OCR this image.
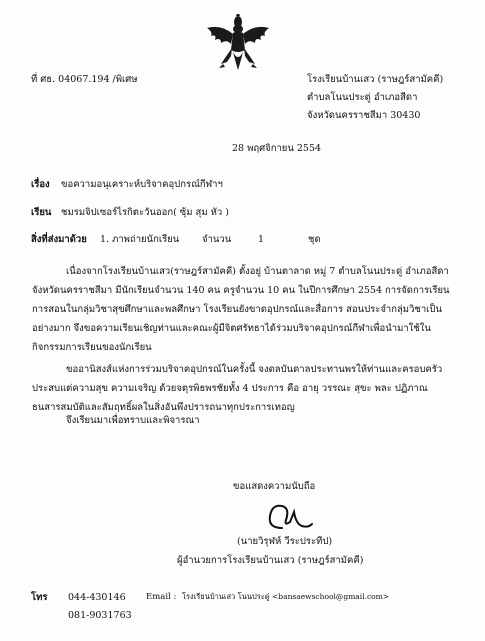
ที่ ศธ. 04067.194 /พิเศษ	โรงเรียนบ้านเสว (ราษฎร์สามัคคี)
ตำบลโนนประดู่ อำเภอสีดา
จังหวัดนครราชสีมา 30430
28 พฤศจิกายน 2554
เรื่อง ขอความอนุเคราะห์บริจาคอุปกรณ์กีฬาฯ
เรียน ชมรมจิปเซอร์ไรกิตะวันออก( ซุ้ม สุม หัว )
สิ่งที่ส่งมาด้วย 1. ภาพถ่ายนักเรียน จำนวน	1	ชุด
เนื่องจากโรงเรียนบ้านเสว(ราษฎร์สามัคคี) ตั้งอยู่ บ้านตาลาด หมู่ 7 ตำบลโนนประดู่ อำเภอสีดา
จังหวัดนครราชสีมา มีนักเรียนจำนวน 140 คน ครูจำนวน 10 คน ในปีการศึกษา 2554 การจัดการเรียน
การสอนในกลุ่มวิชาสุขศึกษาและพลศึกษา โรงเรียนยังขาดอุปกรณ์และสื่อการ สอนประจำกลุ่มวิชาเป็น
อย่างมาก จึงขอความเรียนเชิญท่านและคณะผู้มีจิตศรัทธาได้ร่วมบริจาคอุปกรณ์กีฬาเพื่อนำมาใช้ใน
กิจกรรมการเรียนของนักเรียน
ขออานิสงส์แห่งการร่วมบริจาคอุปกรณ์ในครั้งนี้ จงดลบันดาลประทานพรให้ท่านและครอบครัว
ประสบแต่ความสุข ความเจริญ ด้วยจตุรพิธพรชัยทั้ง 4 ประการ คือ อายุ วรรณะ สุขะ พละ ปฏิภาณ
ธนสารสมบัติและสัมฤทธิ์ผลในสิ่งอันพึงปรารถนาทุกประการเทอญ
จึงเรียนมาเพื่อทราบและพิจารณา
ขอแสดงความนับถือ
(นายวิรุฬห์ วีระประทีป)
ผู้อำนวยการโรงเรียนบ้านเสว (ราษฎร์สามัคคี)
โทร 044-430146
081-9031763
Email : โรงเรียนบ้านเสว โนนประดู่ <bansaewschool@gmail.com>
